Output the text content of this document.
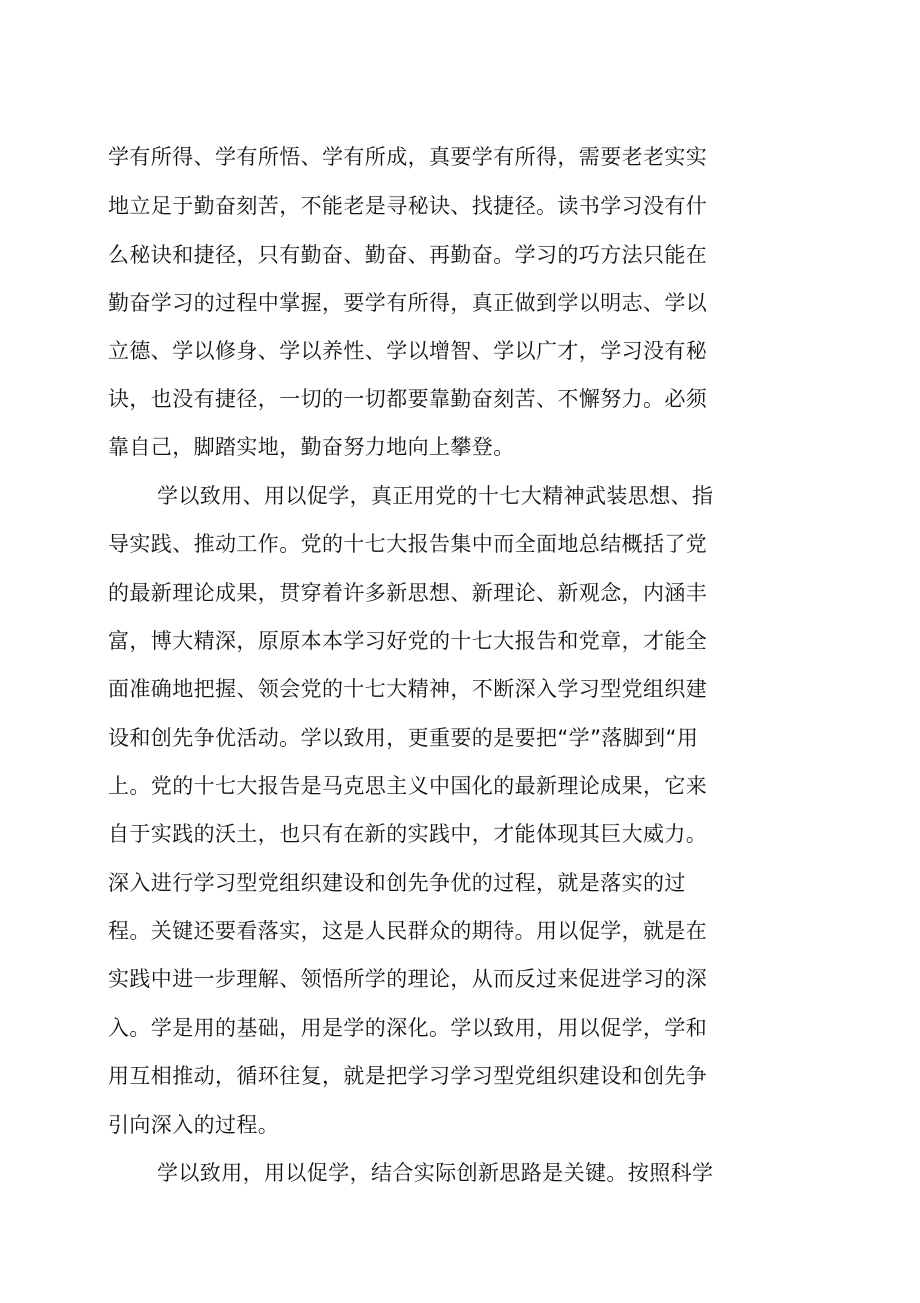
学有所得、学有所悟、学有所成，真要学有所得，需要老老实实
地立足于勤奋刻苦，不能老是寻秘诀、找捷径。读书学习没有什
么秘诀和捷径，只有勤奋、勤奋、再勤奋。学习的巧方法只能在
勤奋学习的过程中掌握，要学有所得，真正做到学以明志、学以
立德、学以修身、学以养性、学以增智、学以广才，学习没有秘
诀，也没有捷径，一切的一切都要靠勤奋刻苦、不懈努力。必须
靠自己，脚踏实地，勤奋努力地向上攀登。
学以致用、用以促学，真正用党的十七大精神武装思想、指
导实践、推动工作。党的十七大报告集中而全面地总结概括了党
的最新理论成果，贯穿着许多新思想、新理论、新观念，内涵丰
富，博大精深，原原本本学习好党的十七大报告和党章，才能全
面准确地把握、领会党的十七大精神，不断深入学习型党组织建
设和创先争优活动。学以致用，更重要的是要把“学”落脚到“用
上。党的十七大报告是马克思主义中国化的最新理论成果，它来
自于实践的沃土，也只有在新的实践中，才能体现其巨大威力。
深入进行学习型党组织建设和创先争优的过程，就是落实的过
程。关键还要看落实，这是人民群众的期待。用以促学，就是在
实践中进一步理解、领悟所学的理论，从而反过来促进学习的深
入。学是用的基础，用是学的深化。学以致用，用以促学，学和
用互相推动，循环往复，就是把学习学习型党组织建设和创先争
引向深入的过程。
学以致用，用以促学，结合实际创新思路是关键。按照科学
